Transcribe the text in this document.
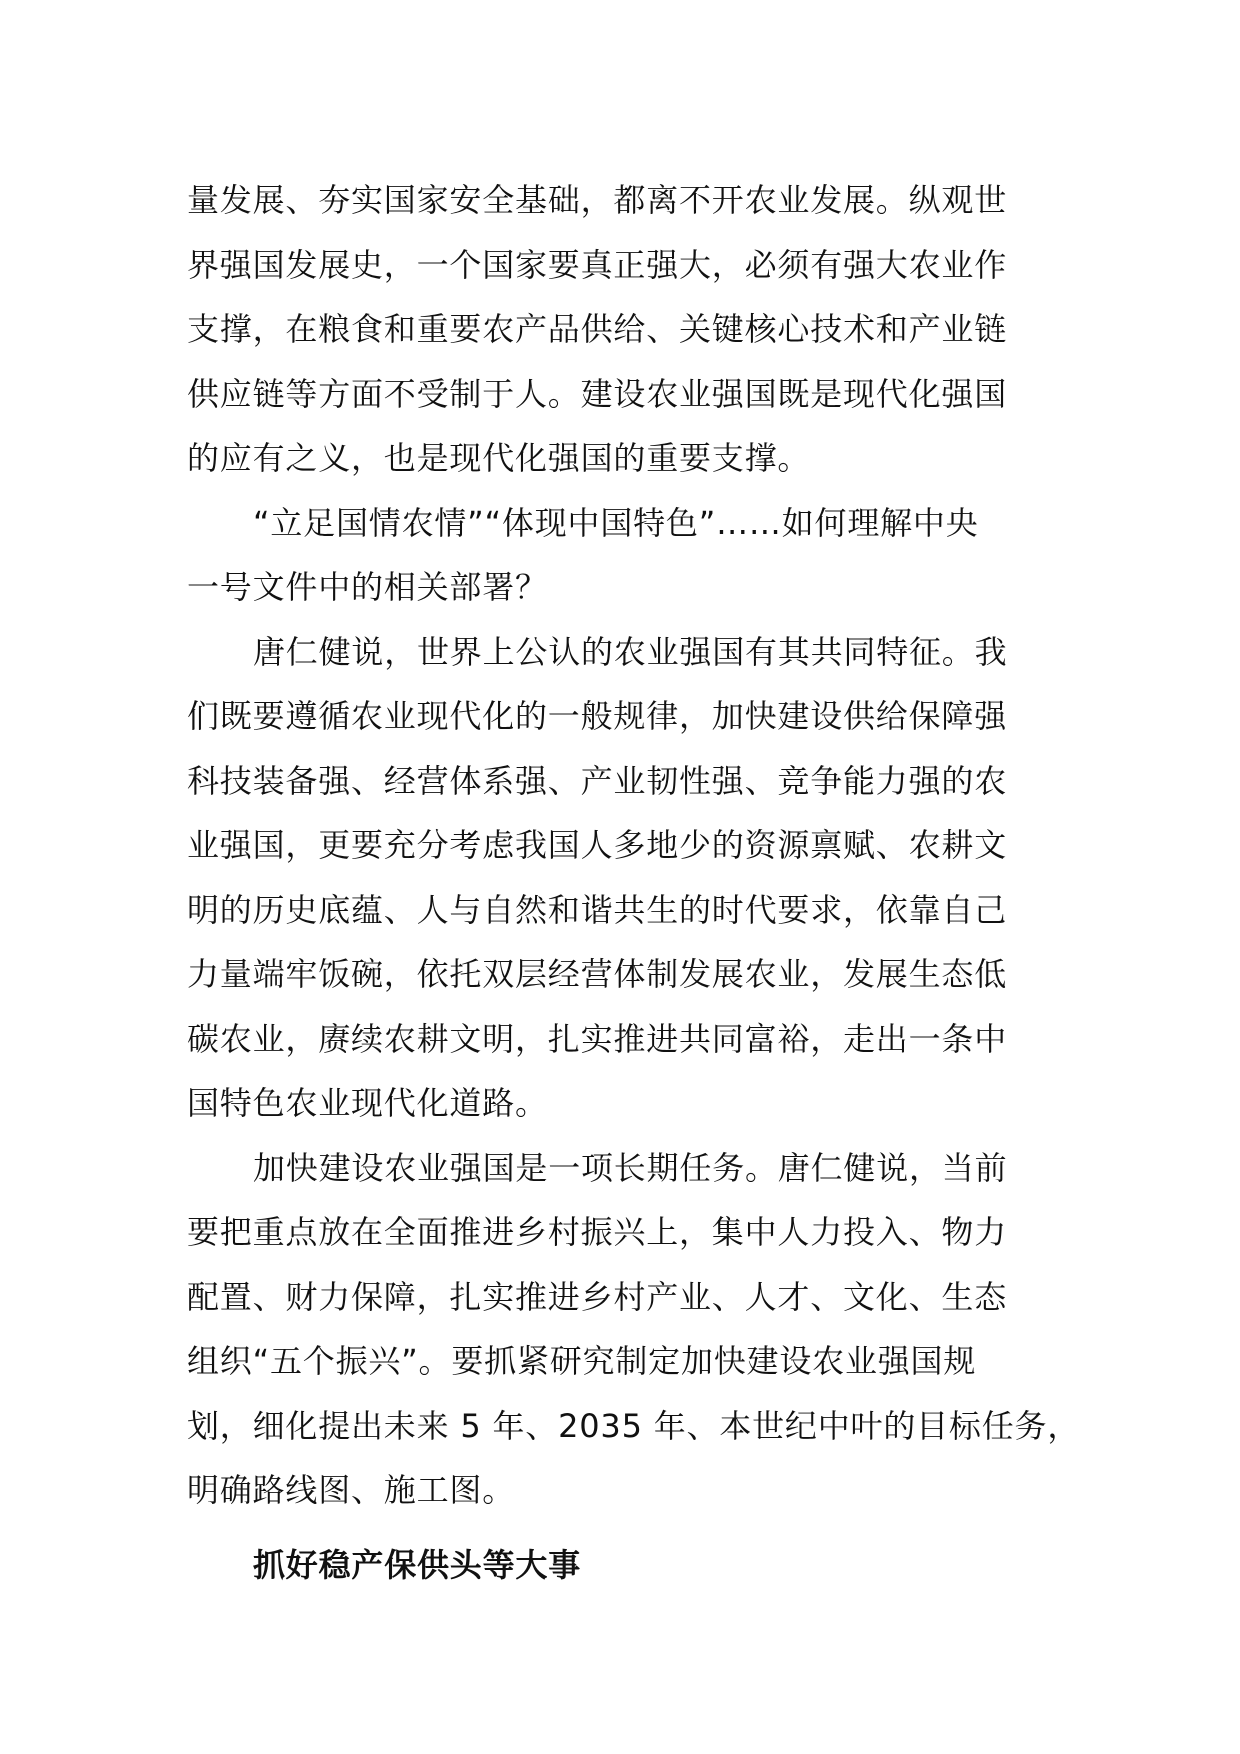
量发展、夯实国家安全基础，都离不开农业发展。纵观世
界强国发展史，一个国家要真正强大，必须有强大农业作
支撑，在粮食和重要农产品供给、关键核心技术和产业链
供应链等方面不受制于人。建设农业强国既是现代化强国
的应有之义，也是现代化强国的重要支撑。
“立足国情农情”“体现中国特色”……如何理解中央
一号文件中的相关部署？
唐仁健说，世界上公认的农业强国有其共同特征。我
们既要遵循农业现代化的一般规律，加快建设供给保障强
科技装备强、经营体系强、产业韧性强、竞争能力强的农
业强国，更要充分考虑我国人多地少的资源禀赋、农耕文
明的历史底蕴、人与自然和谐共生的时代要求，依靠自己
力量端牢饭碗，依托双层经营体制发展农业，发展生态低
碳农业，赓续农耕文明，扎实推进共同富裕，走出一条中
国特色农业现代化道路。
加快建设农业强国是一项长期任务。唐仁健说，当前
要把重点放在全面推进乡村振兴上，集中人力投入、物力
配置、财力保障，扎实推进乡村产业、人才、文化、生态
组织“五个振兴”。要抓紧研究制定加快建设农业强国规
划，细化提出未来 5 年、2035 年、本世纪中叶的目标任务，
明确路线图、施工图。
抓好稳产保供头等大事
